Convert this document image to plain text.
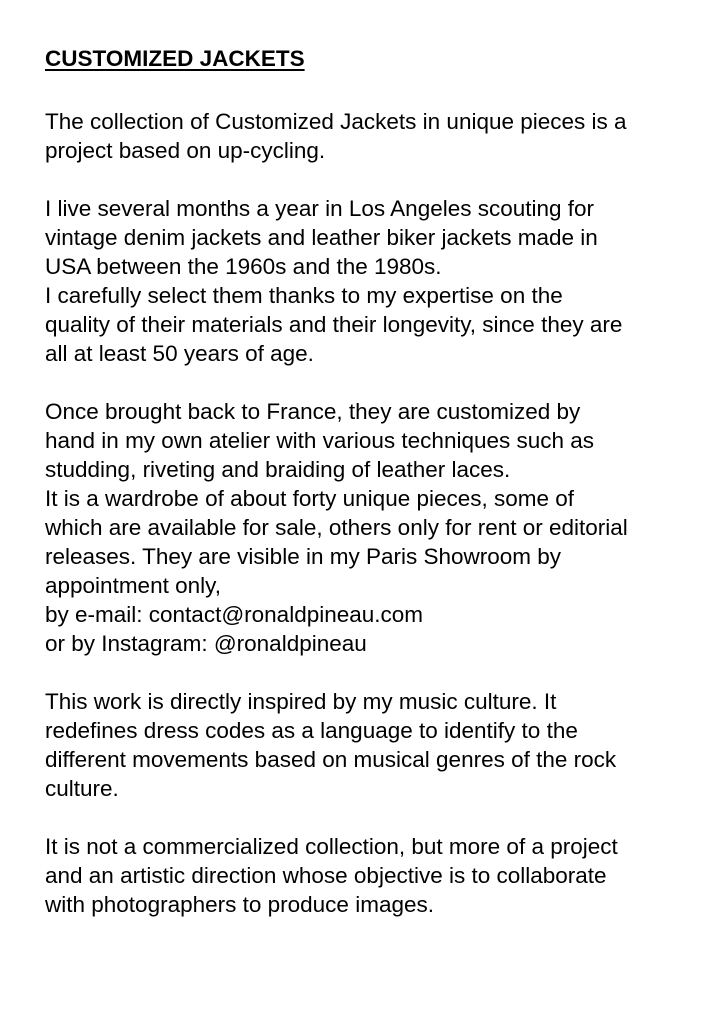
CUSTOMIZED JACKETS
The collection of Customized Jackets in unique pieces is a
project based on up-cycling.
I live several months a year in Los Angeles scouting for
vintage denim jackets and leather biker jackets made in
USA between the 1960s and the 1980s.
I carefully select them thanks to my expertise on the
quality of their materials and their longevity, since they are
all at least 50 years of age.
Once brought back to France, they are customized by
hand in my own atelier with various techniques such as
studding, riveting and braiding of leather laces.
It is a wardrobe of about forty unique pieces, some of
which are available for sale, others only for rent or editorial
releases. They are visible in my Paris Showroom by
appointment only,
by e-mail: contact@ronaldpineau.com
or by Instagram: @ronaldpineau
This work is directly inspired by my music culture. It
redefines dress codes as a language to identify to the
different movements based on musical genres of the rock
culture.
It is not a commercialized collection, but more of a project
and an artistic direction whose objective is to collaborate
with photographers to produce images.
